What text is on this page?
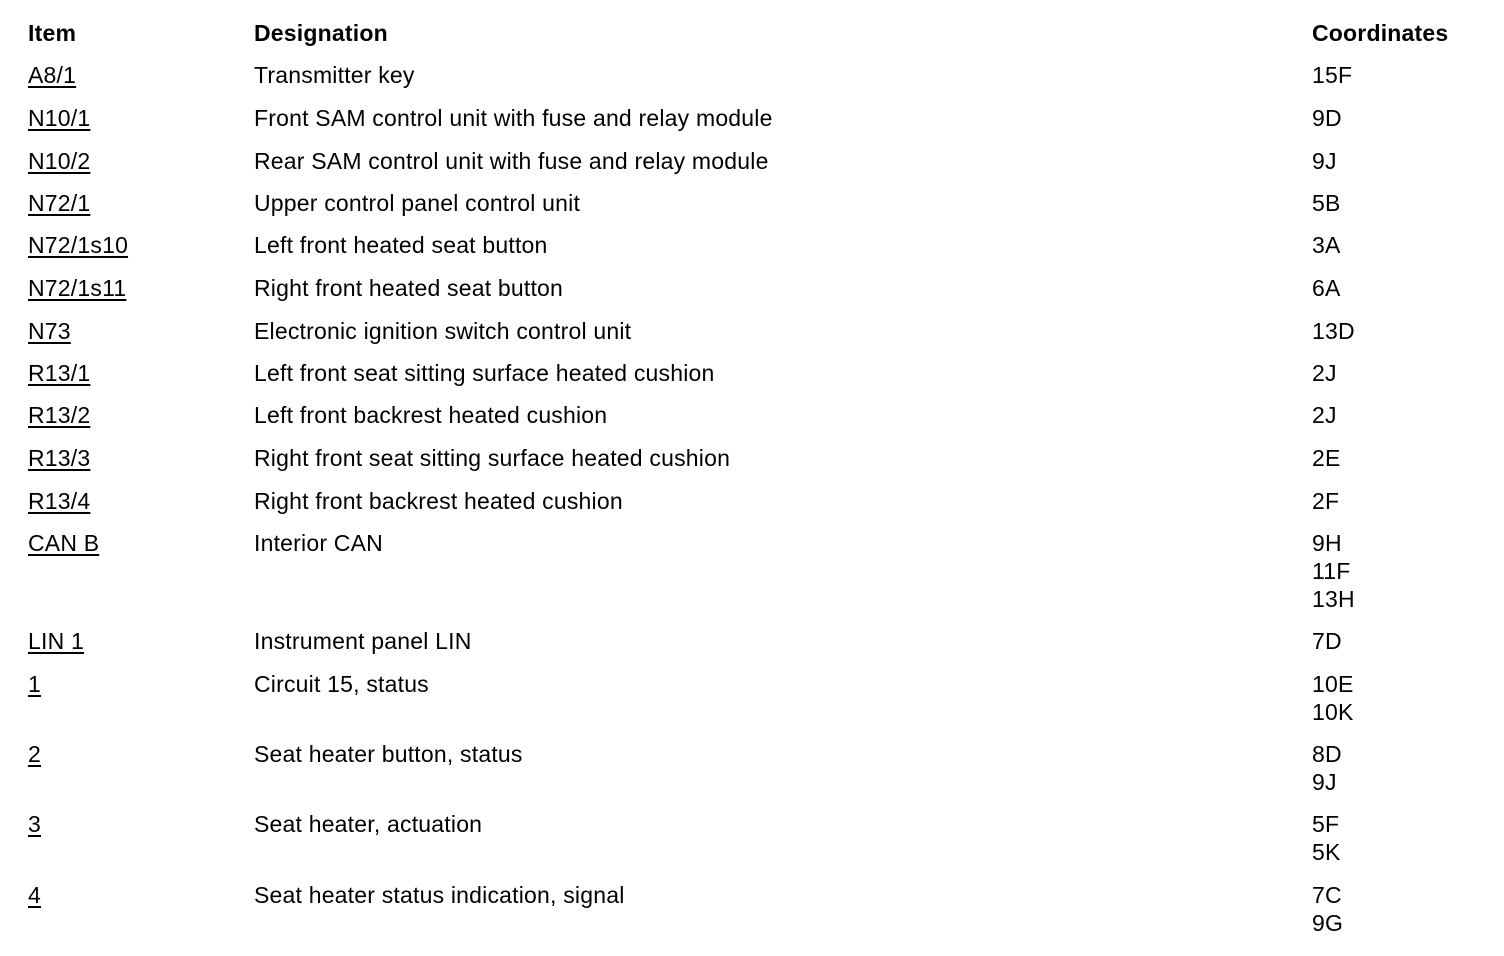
Item	Designation	Coordinates
A8/1	Transmitter key	15F
N10/1	Front SAM control unit with fuse and relay module	9D
N10/2	Rear SAM control unit with fuse and relay module	9J
N72/1	Upper control panel control unit	5B
N72/1s10	Left front heated seat button	3A
N72/1s11	Right front heated seat button	6A
N73	Electronic ignition switch control unit	13D
R13/1	Left front seat sitting surface heated cushion	2J
R13/2	Left front backrest heated cushion	2J
R13/3	Right front seat sitting surface heated cushion	2E
R13/4	Right front backrest heated cushion	2F
CAN B	Interior CAN	9H
11F
13H
LIN 1	Instrument panel LIN	7D
1	Circuit 15, status	10E
10K
2	Seat heater button, status	8D
9J
3	Seat heater, actuation	5F
5K
4	Seat heater status indication, signal	7C
9G
